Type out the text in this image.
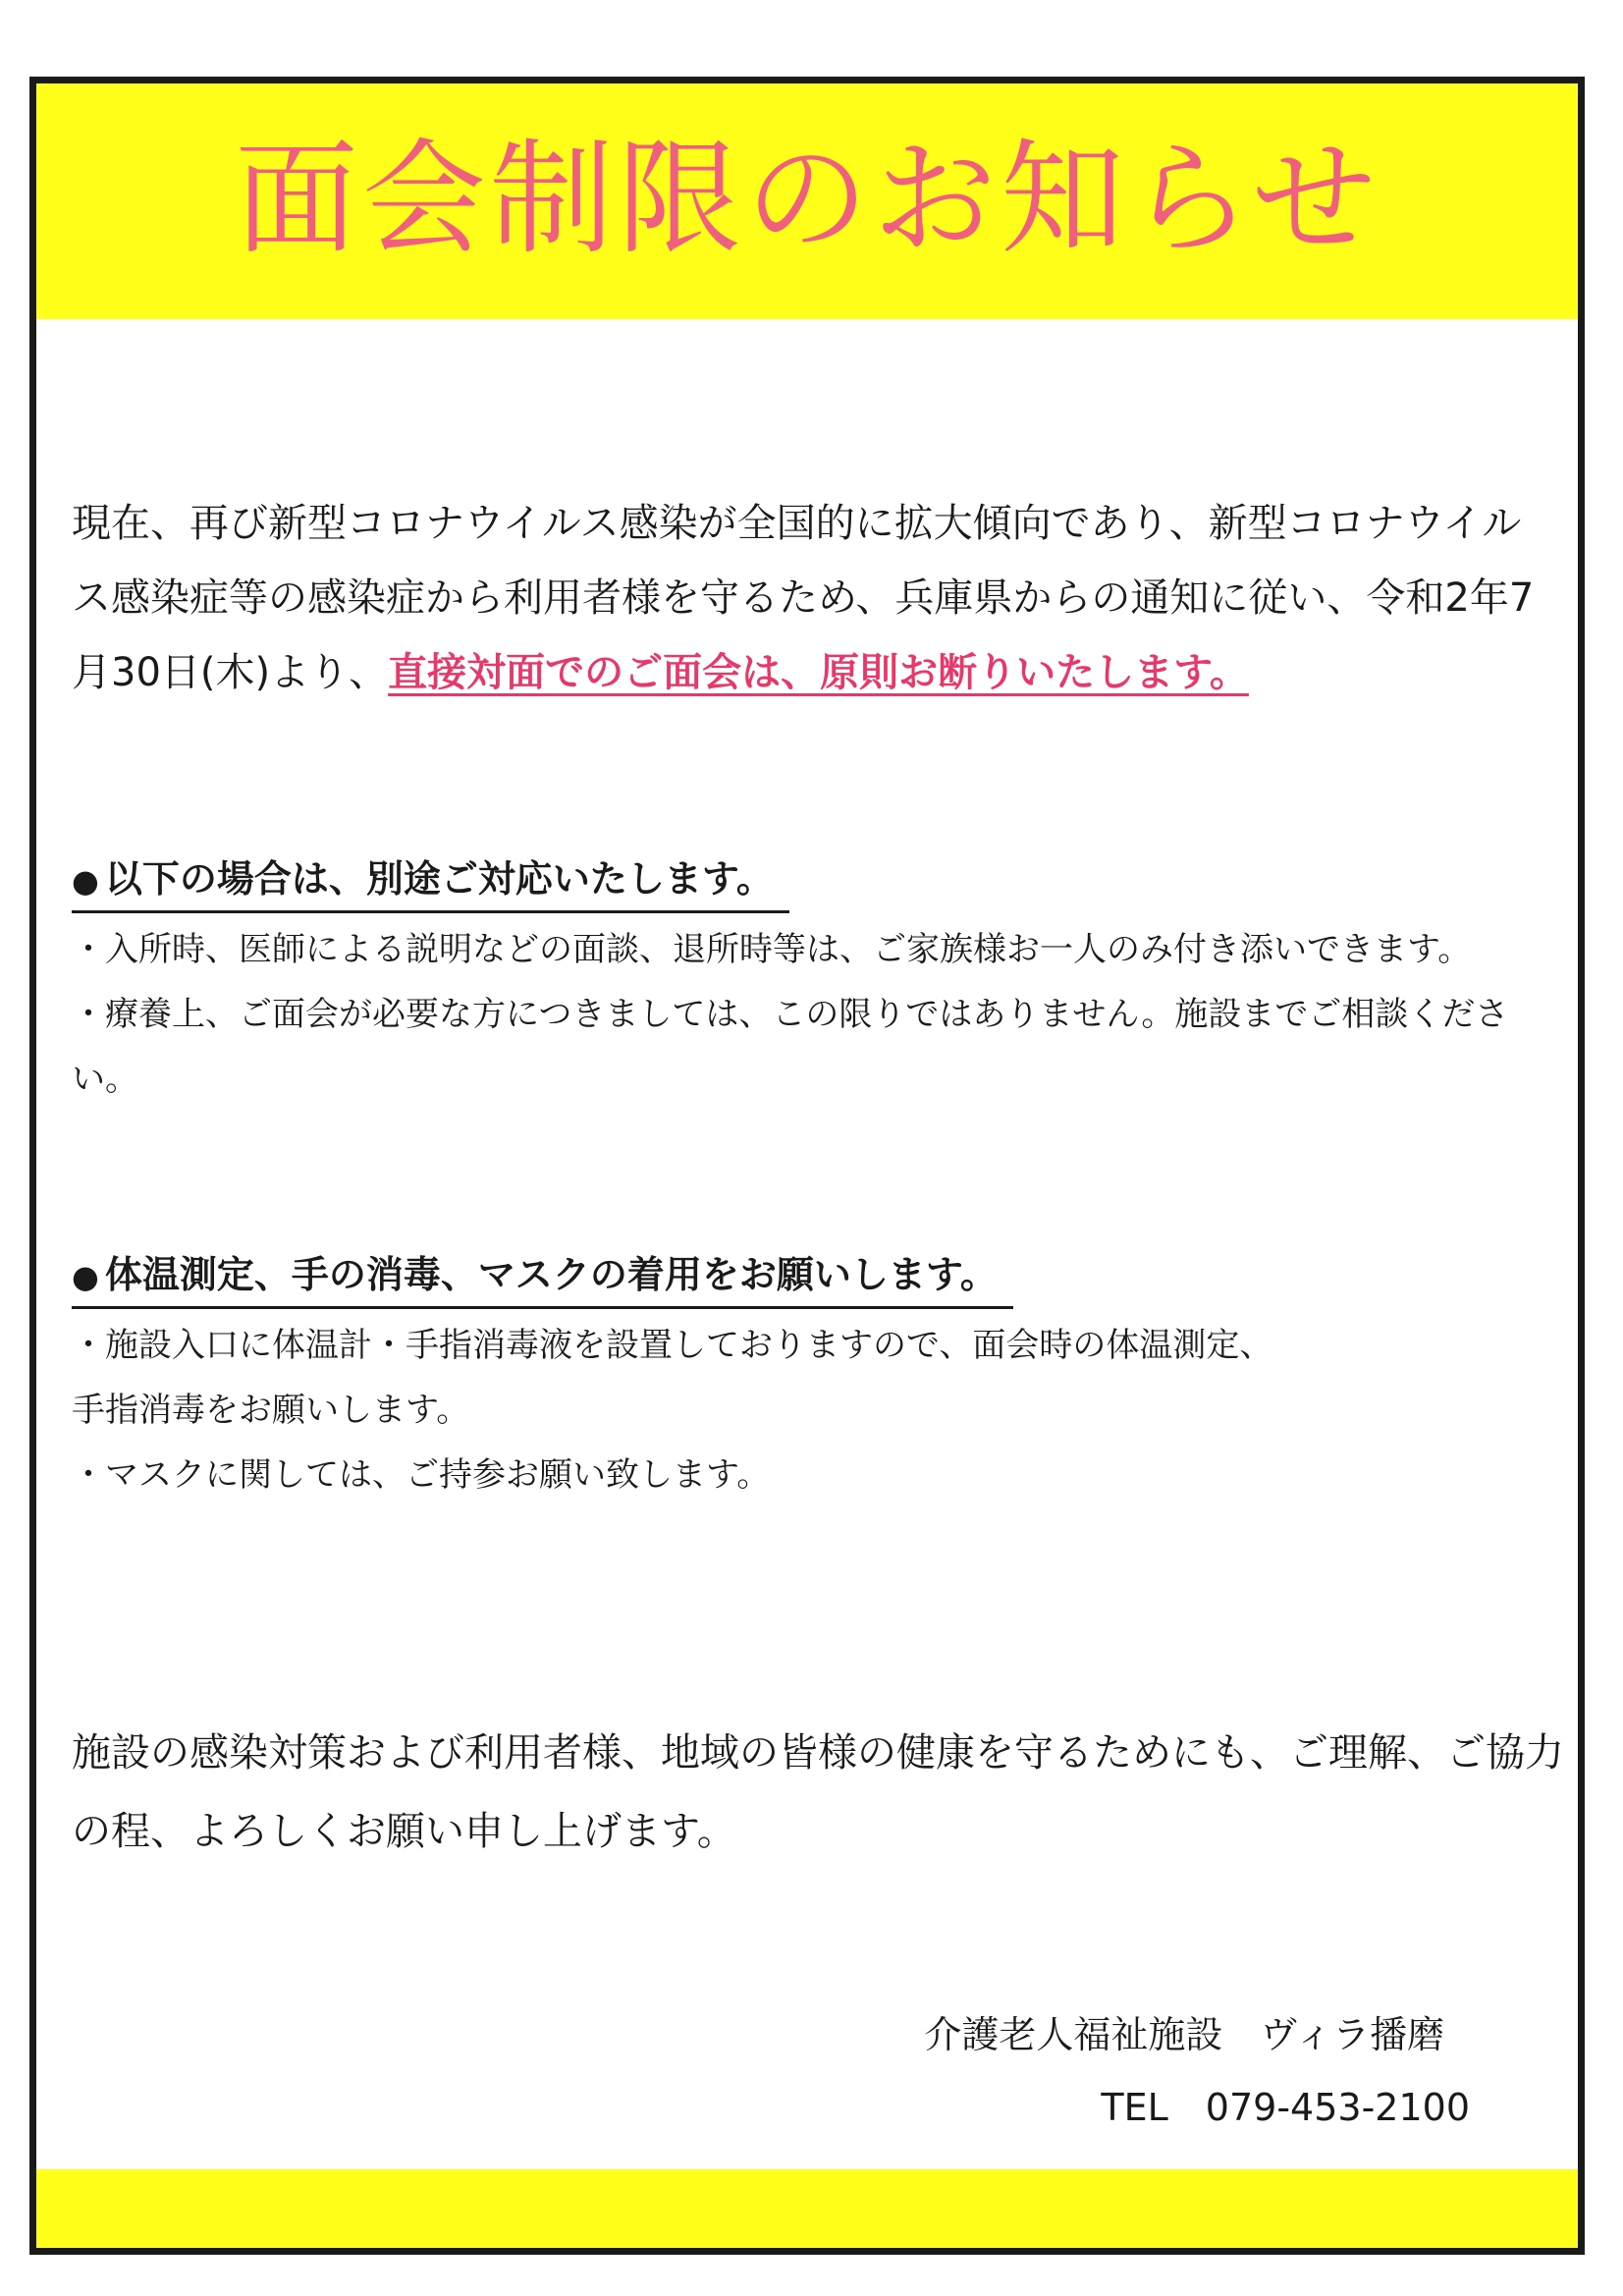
面会制限のお知らせ

現在、再び新型コロナウイルス感染が全国的に拡大傾向であり、新型コロナウイルス感染症等の感染症から利用者様を守るため、兵庫県からの通知に従い、令和2年7月30日(木)より、直接対面でのご面会は、原則お断りいたします。

● 以下の場合は、別途ご対応いたします。

・入所時、医師による説明などの面談、退所時等は、ご家族様お一人のみ付き添いできます。

・療養上、ご面会が必要な方につきましては、この限りではありません。施設までご相談ください。

● 体温測定、手の消毒、マスクの着用をお願いします。

・施設入口に体温計・手指消毒液を設置しておりますので、面会時の体温測定、

手指消毒をお願いします。

・マスクに関しては、ご持参お願い致します。

施設の感染対策および利用者様、地域の皆様の健康を守るためにも、ご理解、ご協力の程、よろしくお願い申し上げます。

介護老人福祉施設　ヴィラ播磨
TEL　079-453-2100
